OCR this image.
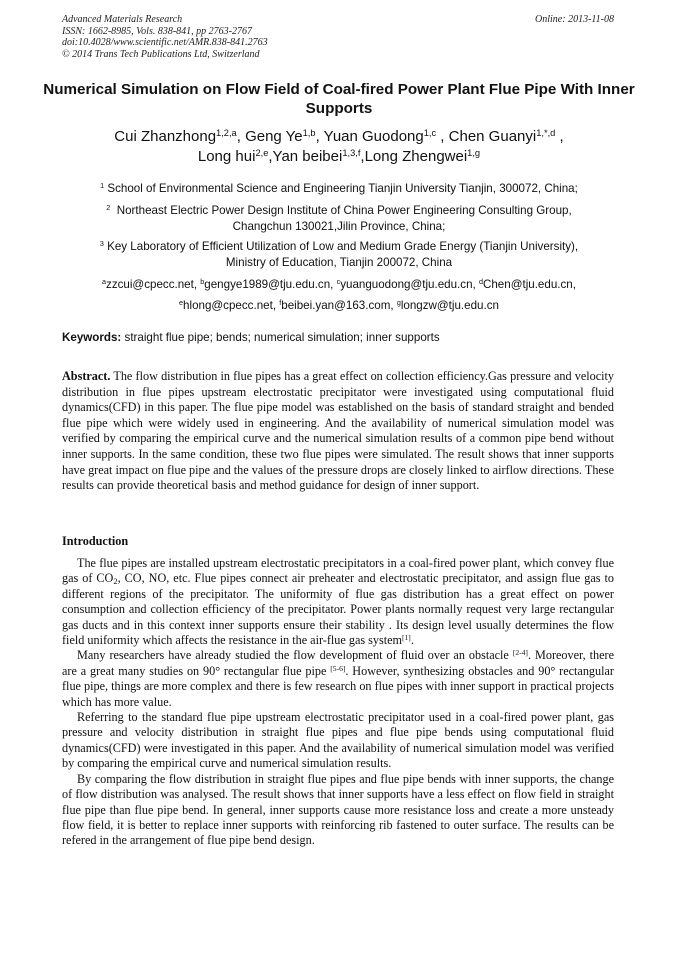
Advanced Materials Research
ISSN: 1662-8985, Vols. 838-841, pp 2763-2767
doi:10.4028/www.scientific.net/AMR.838-841.2763
© 2014 Trans Tech Publications Ltd, Switzerland
Online: 2013-11-08
Numerical Simulation on Flow Field of Coal-fired Power Plant Flue Pipe With Inner Supports
Cui Zhanzhong$^{1,2,a}$, Geng Ye$^{1,b}$, Yuan Guodong$^{1,c}$ , Chen Guanyi$^{1,*,d}$ ,
Long hui$^{2,e}$,Yan beibei$^{1,3,f}$,Long Zhengwei$^{1,g}$
$^1$ School of Environmental Science and Engineering Tianjin University Tianjin, 300072, China;
$^2$ Northeast Electric Power Design Institute of China Power Engineering Consulting Group,
Changchun 130021,Jilin Province, China;
$^3$ Key Laboratory of Efficient Utilization of Low and Medium Grade Energy (Tianjin University),
Ministry of Education, Tianjin 200072, China
$^a$zzcui@cpecc.net, $^b$gengye1989@tju.edu.cn, $^c$yuanguodong@tju.edu.cn, $^d$Chen@tju.edu.cn,
$^e$hlong@cpecc.net, $^f$beibei.yan@163.com, $^g$longzw@tju.edu.cn
Keywords: straight flue pipe; bends; numerical simulation; inner supports
Abstract. The flow distribution in flue pipes has a great effect on collection efficiency.Gas pressure and velocity distribution in flue pipes upstream electrostatic precipitator were investigated using computational fluid dynamics(CFD) in this paper. The flue pipe model was established on the basis of standard straight and bended flue pipe which were widely used in engineering. And the availability of numerical simulation model was verified by comparing the empirical curve and the numerical simulation results of a common pipe bend without inner supports. In the same condition, these two flue pipes were simulated. The result shows that inner supports have great impact on flue pipe and the values of the pressure drops are closely linked to airflow directions. These results can provide theoretical basis and method guidance for design of inner support.
Introduction

The flue pipes are installed upstream electrostatic precipitators in a coal-fired power plant, which convey flue gas of $CO_2$, CO, NO, etc. Flue pipes connect air preheater and electrostatic precipitator, and assign flue gas to different regions of the precipitator. The uniformity of flue gas distribution has a great effect on power consumption and collection efficiency of the precipitator. Power plants normally request very large rectangular gas ducts and in this context inner supports ensure their stability . Its design level usually determines the flow field uniformity which affects the resistance in the air-flue gas system[1].

Many researchers have already studied the flow development of fluid over an obstacle [2-4]. Moreover, there are a great many studies on 90° rectangular flue pipe [5-6]. However, synthesizing obstacles and 90° rectangular flue pipe, things are more complex and there is few research on flue pipes with inner support in practical projects which has more value.

Referring to the standard flue pipe upstream electrostatic precipitator used in a coal-fired power plant, gas pressure and velocity distribution in straight flue pipes and flue pipe bends using computational fluid dynamics(CFD) were investigated in this paper. And the availability of numerical simulation model was verified by comparing the empirical curve and numerical simulation results.

By comparing the flow distribution in straight flue pipes and flue pipe bends with inner supports, the change of flow distribution was analysed. The result shows that inner supports have a less effect on flow field in straight flue pipe than flue pipe bend. In general, inner supports cause more resistance loss and create a more unsteady flow field, it is better to replace inner supports with reinforcing rib fastened to outer surface. The results can be refered in the arrangement of flue pipe bend design.
